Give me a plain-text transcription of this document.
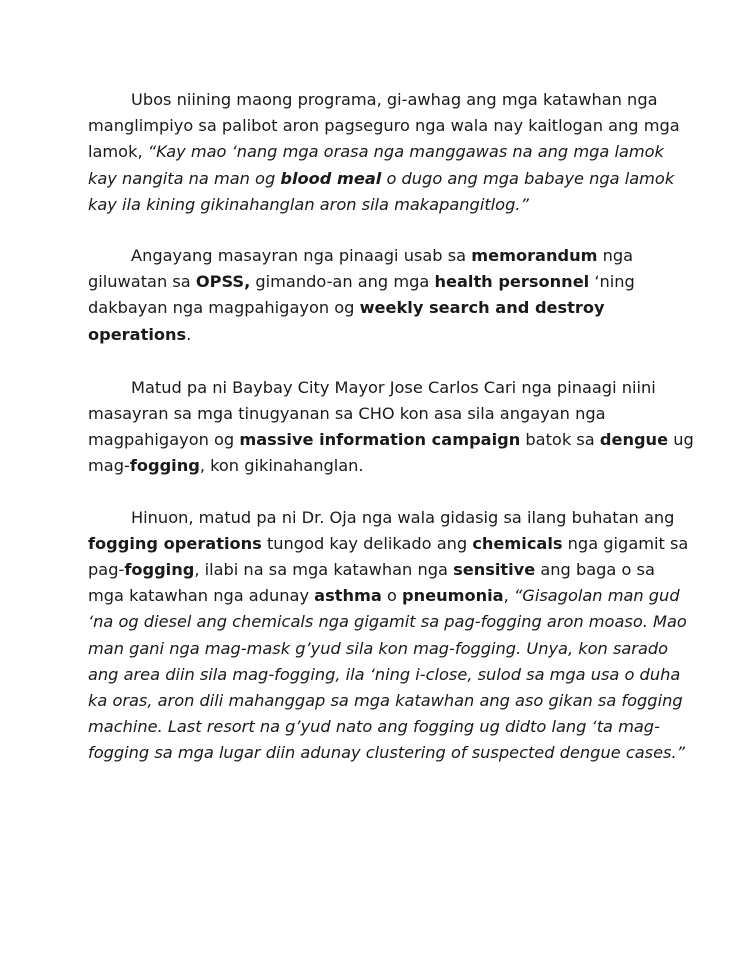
Ubos niining maong programa, gi-awhag ang mga katawhan nga manglimpiyo sa palibot aron pagseguro nga wala nay kaitlogan ang mga lamok, “Kay mao ‘nang mga orasa nga manggawas na ang mga lamok kay nangita na man og blood meal o dugo ang mga babaye nga lamok kay ila kining gikinahanglan aron sila makapangitlog.”

Angayang masayran nga pinaagi usab sa memorandum nga giluwatan sa OPSS, gimando-an ang mga health personnel ‘ning dakbayan nga magpahigayon og weekly search and destroy operations.

Matud pa ni Baybay City Mayor Jose Carlos Cari nga pinaagi niini masayran sa mga tinugyanan sa CHO kon asa sila angayan nga magpahigayon og massive information campaign batok sa dengue ug mag-fogging, kon gikinahanglan.

Hinuon, matud pa ni Dr. Oja nga wala gidasig sa ilang buhatan ang fogging operations tungod kay delikado ang chemicals nga gigamit sa pag-fogging, ilabi na sa mga katawhan nga sensitive ang baga o sa mga katawhan nga adunay asthma o pneumonia, “Gisagolan man gud ‘na og diesel ang chemicals nga gigamit sa pag-fogging aron moaso. Mao man gani nga mag-mask g’yud sila kon mag-fogging. Unya, kon sarado ang area diin sila mag-fogging, ila ‘ning i-close, sulod sa mga usa o duha ka oras, aron dili mahanggap sa mga katawhan ang aso gikan sa fogging machine. Last resort na g’yud nato ang fogging ug didto lang ‘ta mag-fogging sa mga lugar diin adunay clustering of suspected dengue cases.”
